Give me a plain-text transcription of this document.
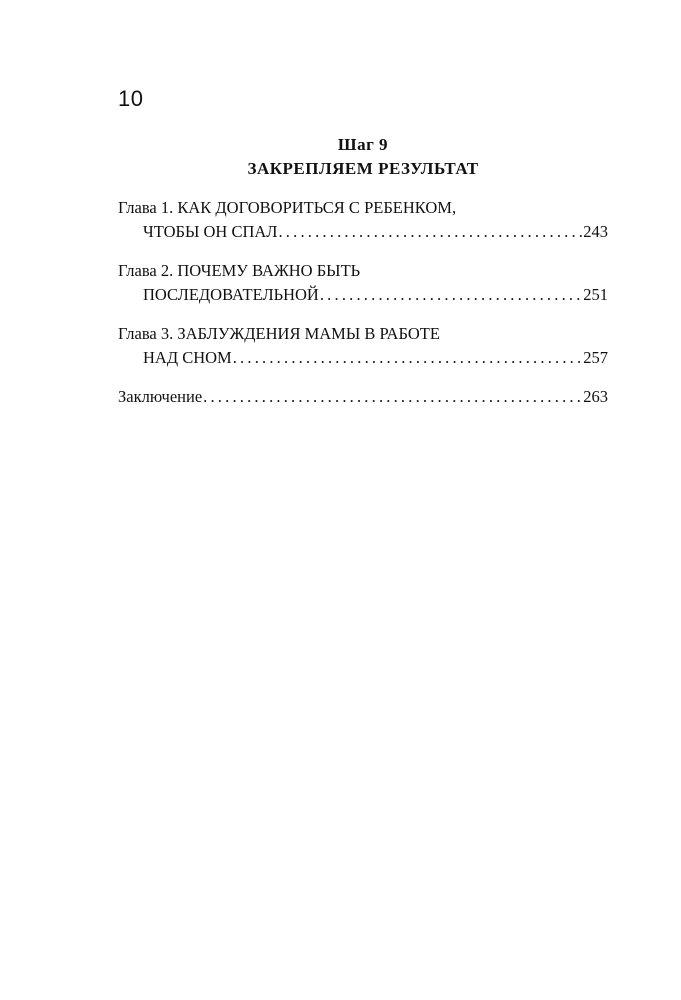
10
Шаг 9
ЗАКРЕПЛЯЕМ РЕЗУЛЬТАТ
Глава 1. КАК ДОГОВОРИТЬСЯ С РЕБЕНКОМ,
ЧТОБЫ ОН СПАЛ .....	243
Глава 2. ПОЧЕМУ ВАЖНО БЫТЬ
ПОСЛЕДОВАТЕЛЬНОЙ .....	251
Глава 3. ЗАБЛУЖДЕНИЯ МАМЫ В РАБОТЕ
НАД СНОМ .....	257
Заключение .....	263
